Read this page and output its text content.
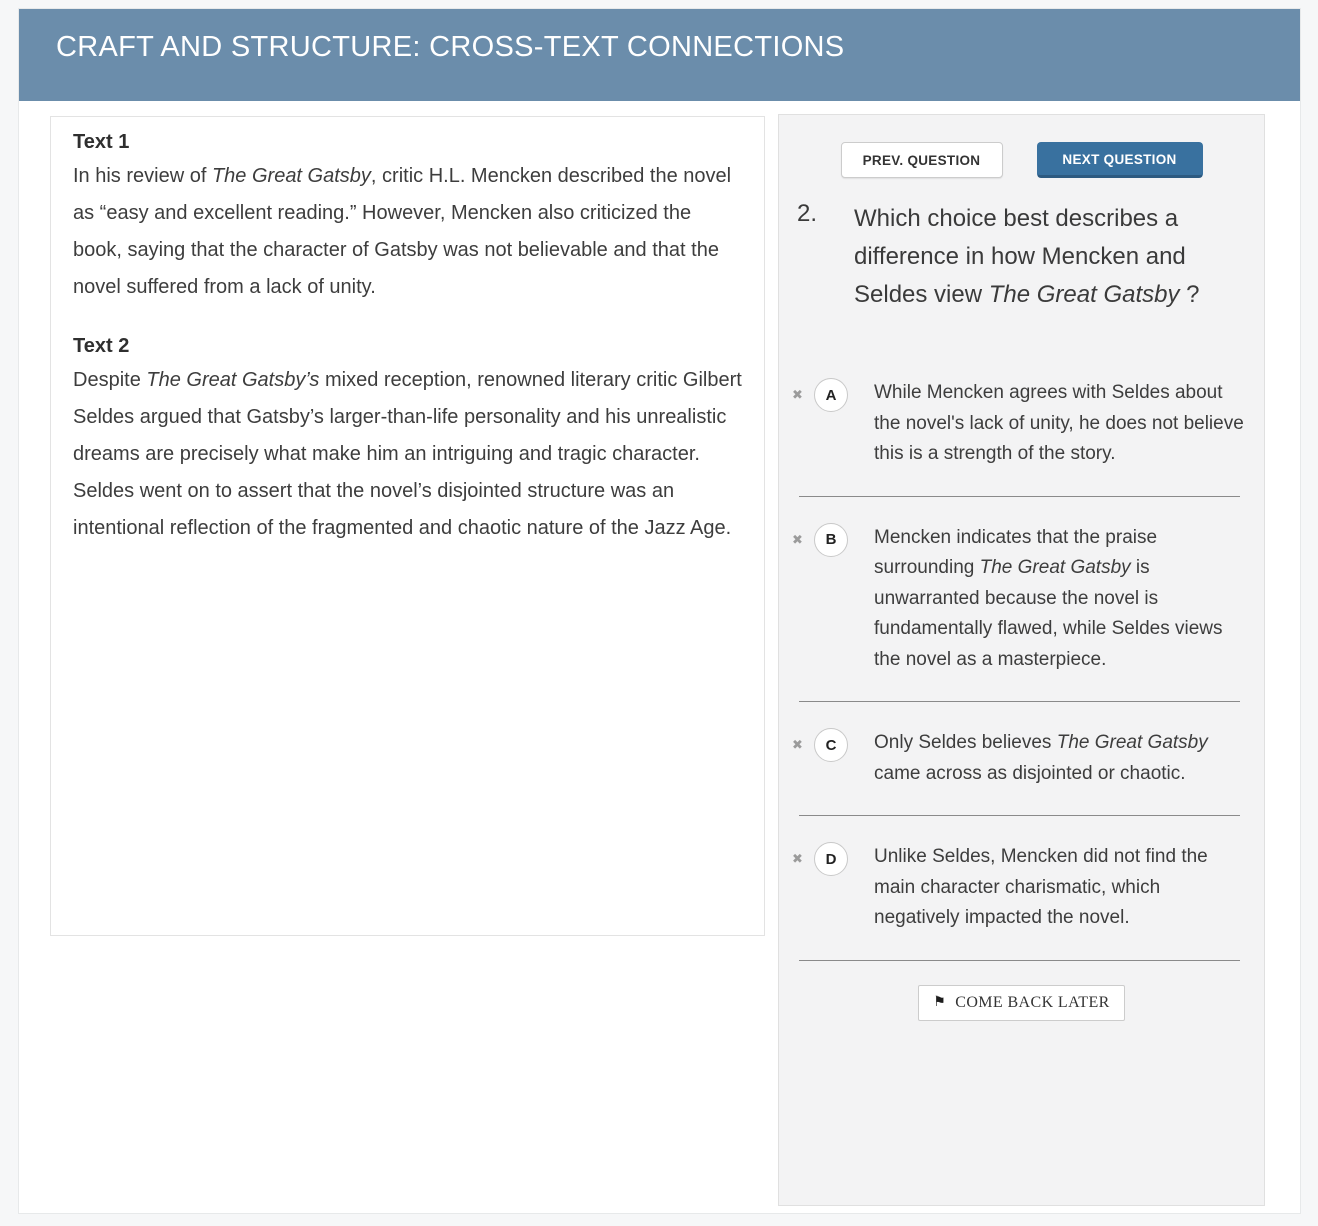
CRAFT AND STRUCTURE: CROSS-TEXT CONNECTIONS
Text 1

In his review of The Great Gatsby, critic H.L. Mencken described the novel as “easy and excellent reading.” However, Mencken also criticized the book, saying that the character of Gatsby was not believable and that the novel suffered from a lack of unity.

Text 2

Despite The Great Gatsby’s mixed reception, renowned literary critic Gilbert Seldes argued that Gatsby’s larger-than-life personality and his unrealistic dreams are precisely what make him an intriguing and tragic character. Seldes went on to assert that the novel’s disjointed structure was an intentional reflection of the fragmented and chaotic nature of the Jazz Age.

PREV. QUESTION	NEXT QUESTION
2.	Which choice best describes a difference in how Mencken and Seldes view The Great Gatsby ?

✖	A	While Mencken agrees with Seldes about the novel's lack of unity, he does not believe this is a strength of the story.

✖	B	Mencken indicates that the praise surrounding The Great Gatsby is unwarranted because the novel is fundamentally flawed, while Seldes views the novel as a masterpiece.

✖	C	Only Seldes believes The Great Gatsby came across as disjointed or chaotic.

✖	D	Unlike Seldes, Mencken did not find the main character charismatic, which negatively impacted the novel.

⚑ COME BACK LATER
